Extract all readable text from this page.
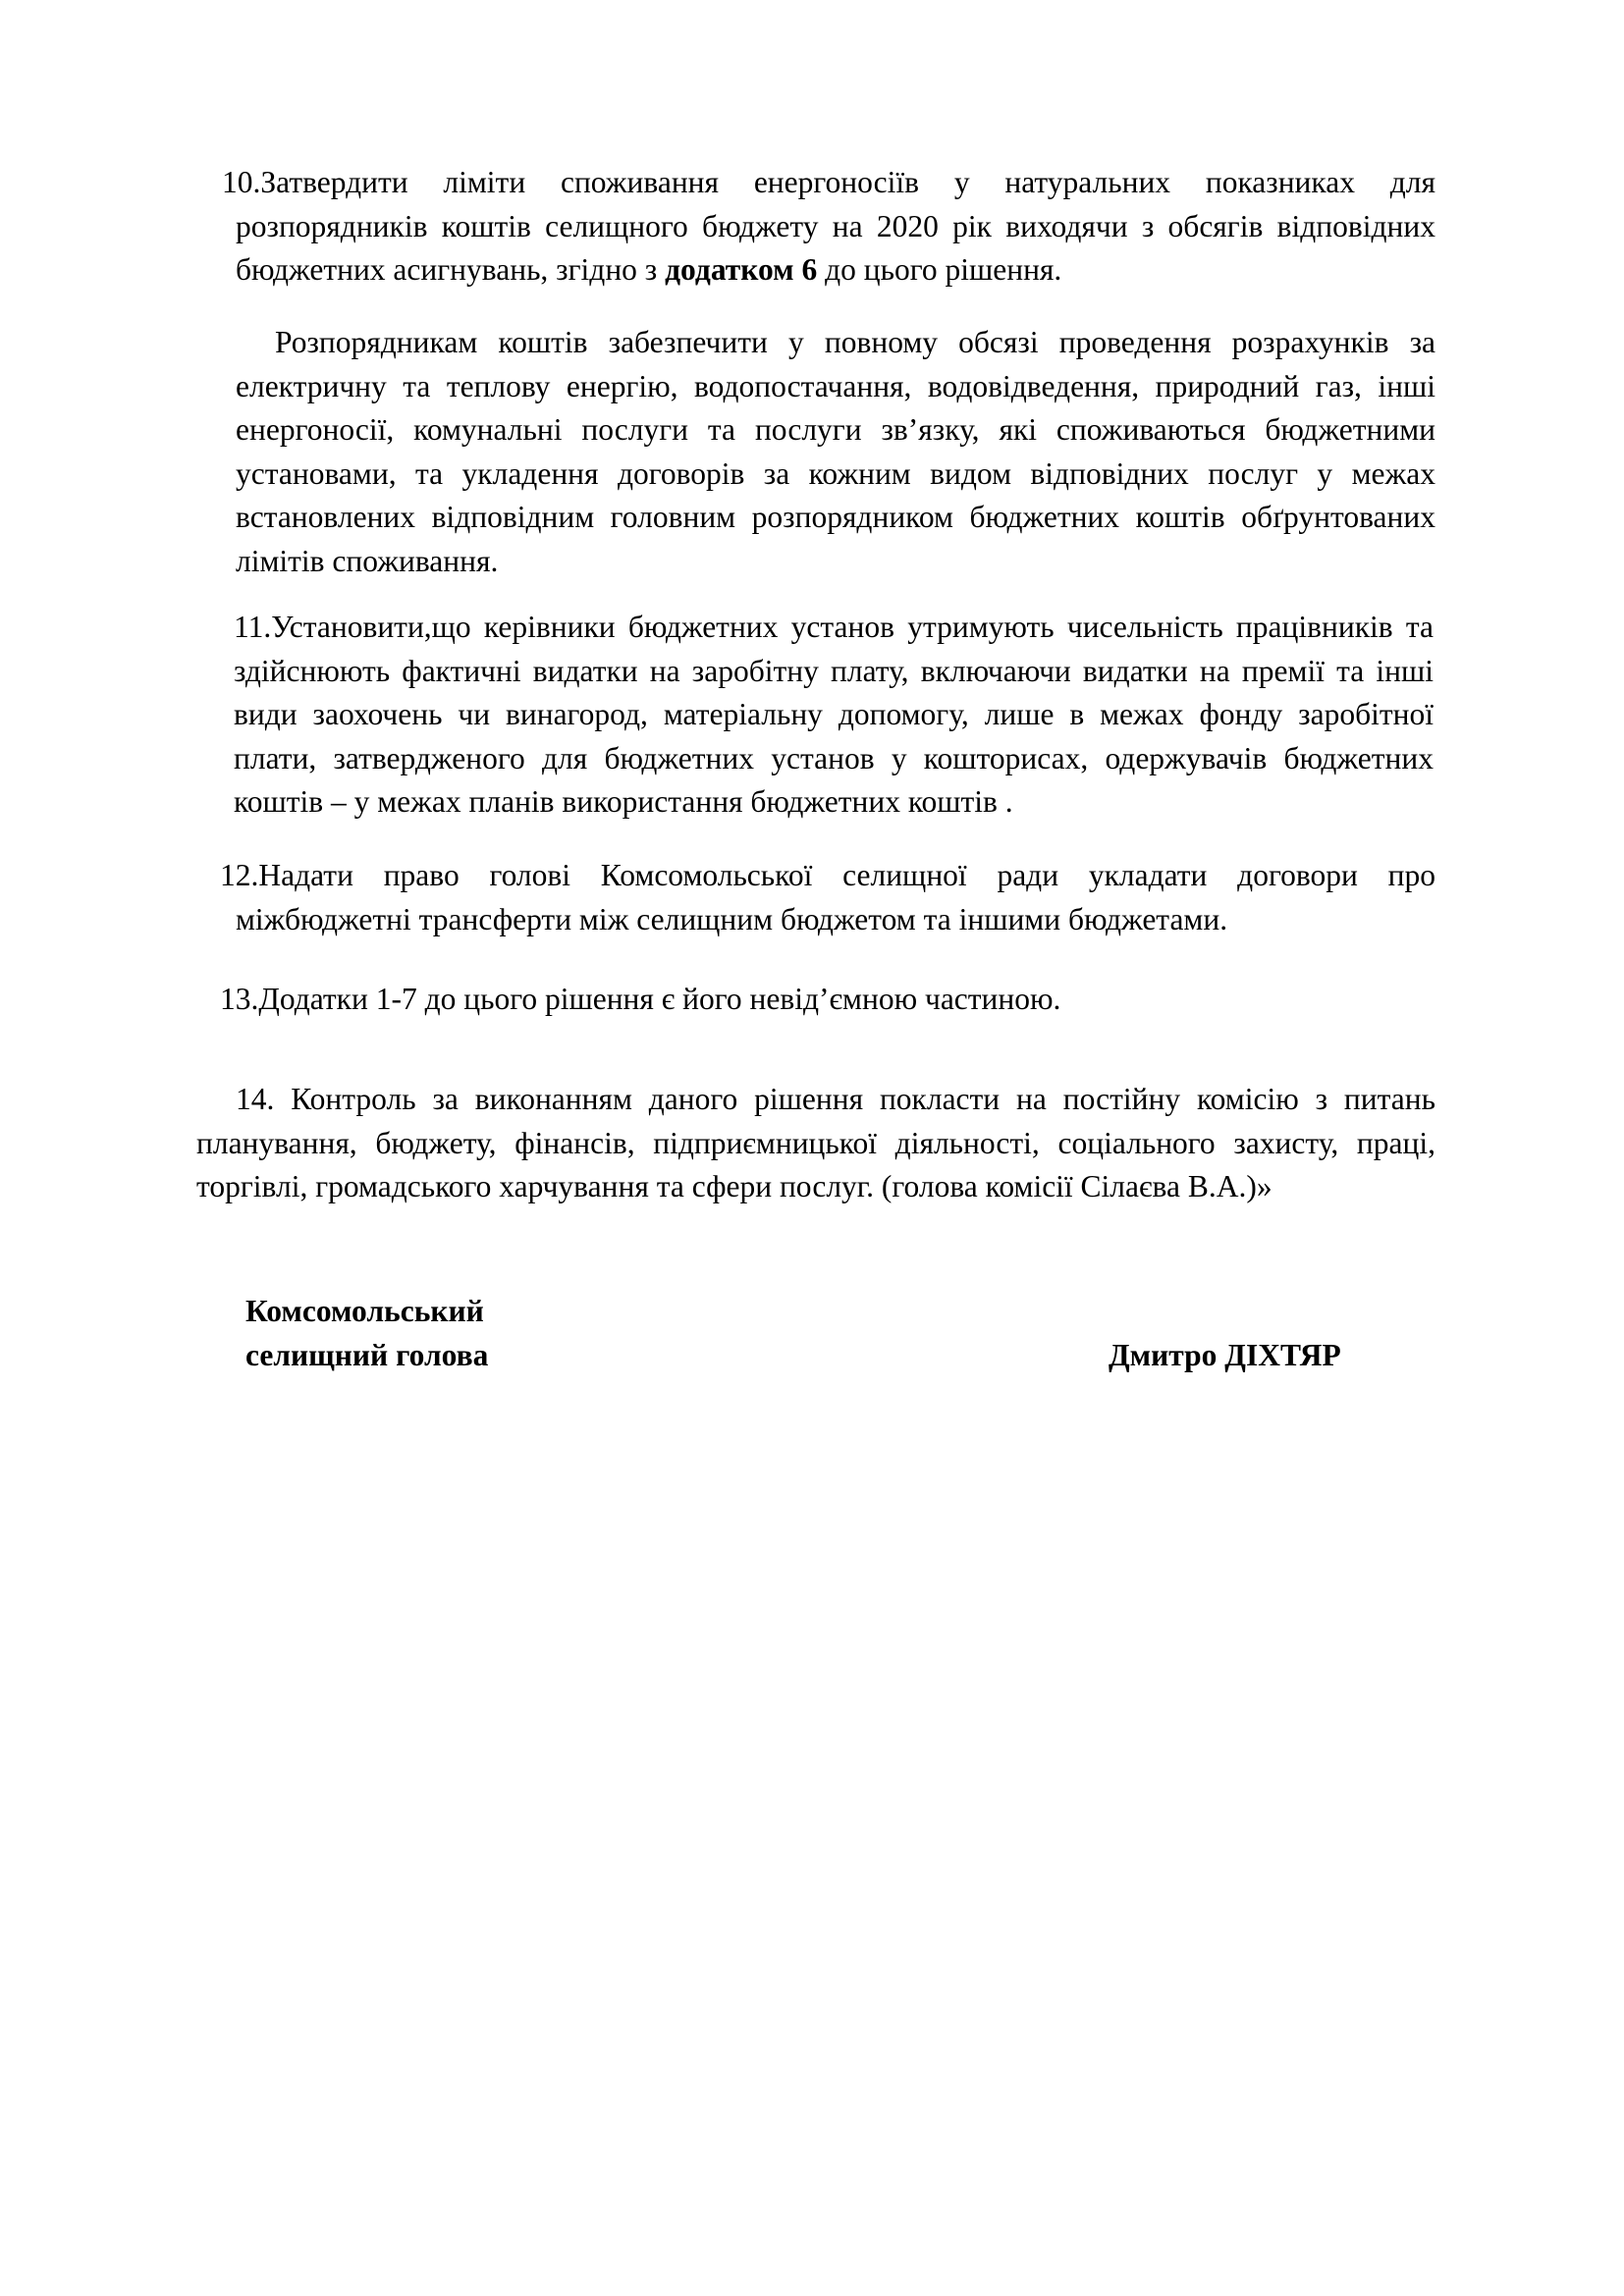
10.Затвердити ліміти споживання енергоносіїв у натуральних показниках для розпорядників коштів селищного бюджету на 2020 рік виходячи з обсягів відповідних бюджетних асигнувань, згідно з додатком 6 до цього рішення.

Розпорядникам коштів забезпечити у повному обсязі проведення розрахунків за електричну та теплову енергію, водопостачання, водовідведення, природний газ, інші енергоносії, комунальні послуги та послуги зв’язку, які споживаються бюджетними установами, та укладення договорів за кожним видом відповідних послуг у межах встановлених відповідним головним розпорядником бюджетних коштів обґрунтованих лімітів споживання.

11.Установити,що керівники бюджетних установ утримують чисельність працівників та здійснюють фактичні видатки на заробітну плату, включаючи видатки на премії та інші види заохочень чи винагород, матеріальну допомогу, лише в межах фонду заробітної плати, затвердженого для бюджетних установ у кошторисах, одержувачів бюджетних коштів – у межах планів використання бюджетних коштів .

12.Надати право голові Комсомольської селищної ради укладати договори про міжбюджетні трансферти між селищним бюджетом та іншими бюджетами.

13.Додатки 1-7 до цього рішення є його невід’ємною частиною.

14. Контроль за виконанням даного рішення покласти на постійну комісію з питань планування, бюджету, фінансів, підприємницької діяльності, соціального захисту, праці, торгівлі, громадського харчування та сфери послуг. (голова комісії Сілаєва В.А.)»

Комсомольський
селищний голова	Дмитро ДІХТЯР
